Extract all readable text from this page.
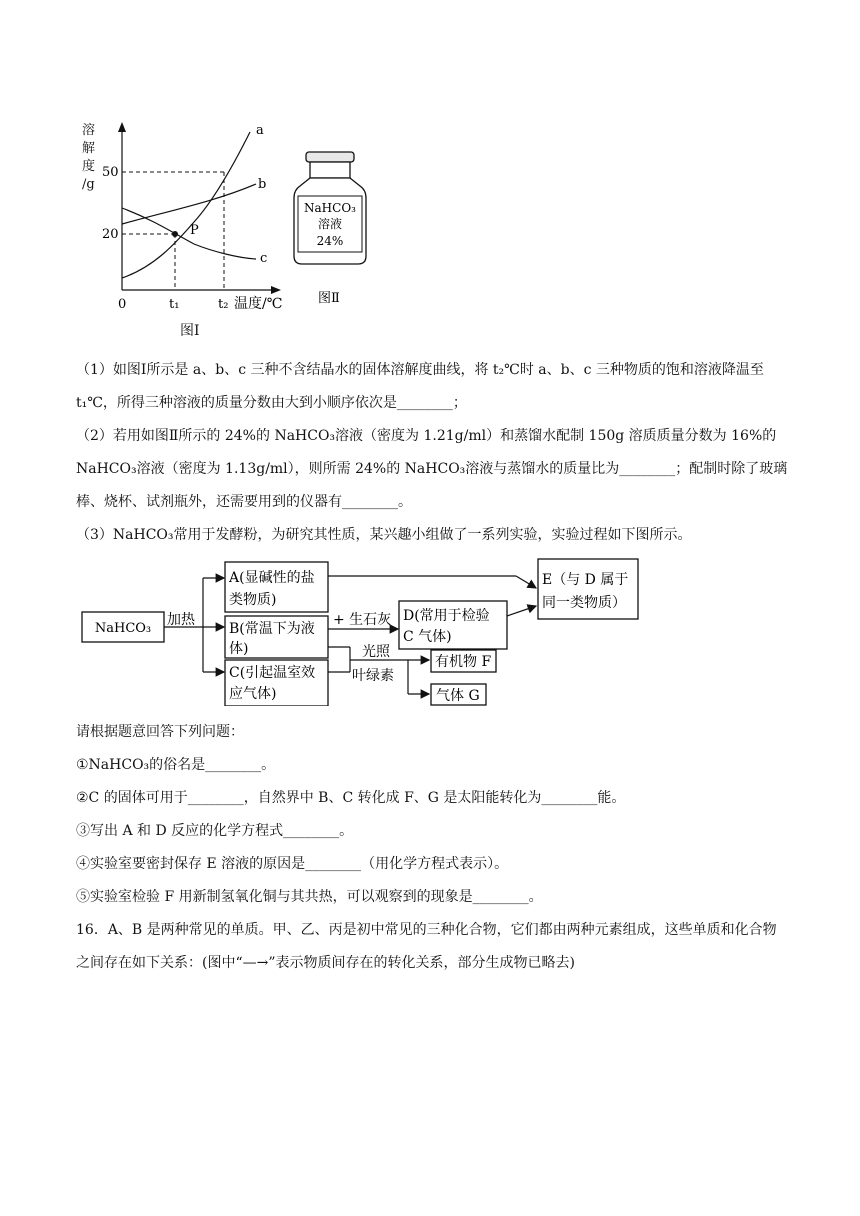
溶
解
度
/g
50
20
0	t₁	t₂ 温度/℃
a
b
c
P
图Ⅰ
NaHCO₃
溶液
24%
图Ⅱ

（1）如图Ⅰ所示是 a、b、c 三种不含结晶水的固体溶解度曲线，将 t₂℃时 a、b、c 三种物质的饱和溶液降温至 t₁℃，所得三种溶液的质量分数由大到小顺序依次是________；

（2）若用如图Ⅱ所示的 24%的 NaHCO₃溶液（密度为 1.21g/ml）和蒸馏水配制 150g 溶质质量分数为 16%的 NaHCO₃溶液（密度为 1.13g/ml），则所需 24%的 NaHCO₃溶液与蒸馏水的质量比为________；配制时除了玻璃棒、烧杯、试剂瓶外，还需要用到的仪器有________。

（3）NaHCO₃常用于发酵粉，为研究其性质，某兴趣小组做了一系列实验，实验过程如下图所示。

NaHCO₃
加热
A(显碱性的盐
类物质)
B(常温下为液
体)
C(引起温室效
应气体)
+ 生石灰 D(常用于检验
C 气体)
E（与 D 属于
同一类物质）
光照
叶绿素
有机物 F
气体 G

请根据题意回答下列问题：

①NaHCO₃的俗名是________。

②C 的固体可用于________，自然界中 B、C 转化成 F、G 是太阳能转化为________能。

③写出 A 和 D 反应的化学方程式________。

④实验室要密封保存 E 溶液的原因是________（用化学方程式表示）。

⑤实验室检验 F 用新制氢氧化铜与其共热，可以观察到的现象是________。

16．A、B 是两种常见的单质。甲、乙、丙是初中常见的三种化合物，它们都由两种元素组成，这些单质和化合物之间存在如下关系：(图中“—→”表示物质间存在的转化关系，部分生成物已略去)
